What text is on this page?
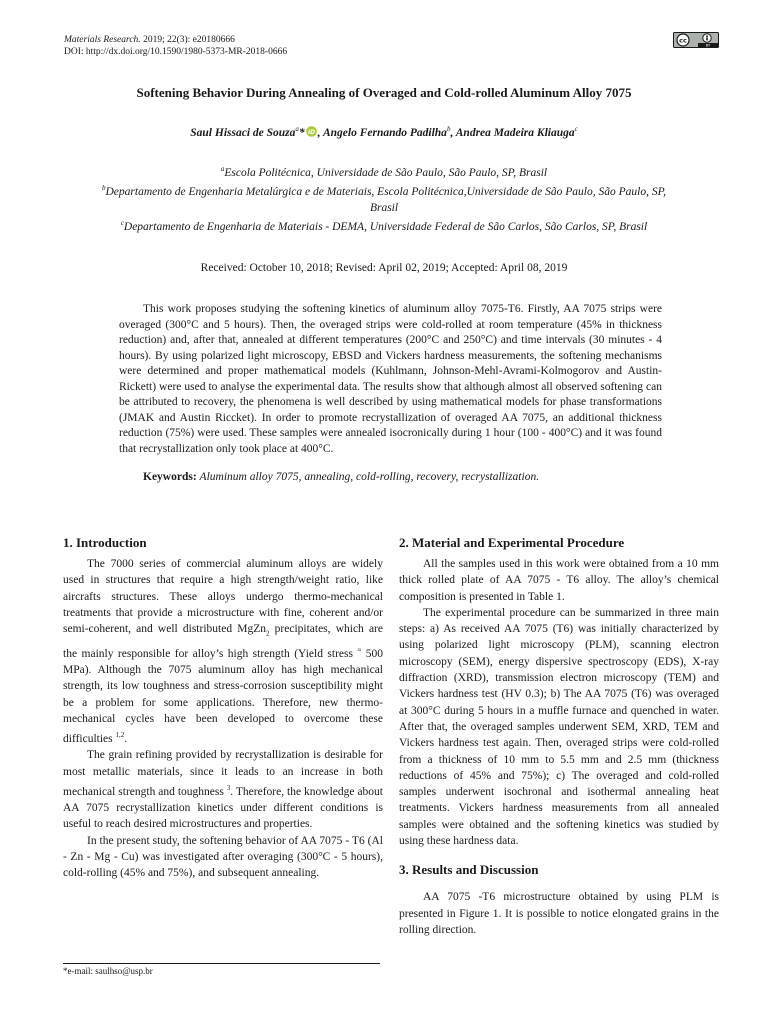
Materials Research. 2019; 22(3): e20180666
DOI: http://dx.doi.org/10.1590/1980-5373-MR-2018-0666
cc
BY
Softening Behavior During Annealing of Overaged and Cold-rolled Aluminum Alloy 7075
Saul Hissaci de Souza$^a$* iD , Angelo Fernando Padilha$^b$, Andrea Madeira Kliauga$^c$
$^a$Escola Politécnica, Universidade de São Paulo, São Paulo, SP, Brasil
$^b$Departamento de Engenharia Metalúrgica e de Materiais, Escola Politécnica,Universidade de São Paulo, São Paulo, SP, Brasil
$^c$Departamento de Engenharia de Materiais - DEMA, Universidade Federal de São Carlos, São Carlos, SP, Brasil
Received: October 10, 2018; Revised: April 02, 2019; Accepted: April 08, 2019

This work proposes studying the softening kinetics of aluminum alloy 7075-T6. Firstly, AA 7075 strips were overaged (300°C and 5 hours). Then, the overaged strips were cold-rolled at room temperature (45% in thickness reduction) and, after that, annealed at different temperatures (200°C and 250°C) and time intervals (30 minutes - 4 hours). By using polarized light microscopy, EBSD and Vickers hardness measurements, the softening mechanisms were determined and proper mathematical models (Kuhlmann, Johnson-Mehl-Avrami-Kolmogorov and Austin-Rickett) were used to analyse the experimental data. The results show that although almost all observed softening can be attributed to recovery, the phenomena is well described by using mathematical models for phase transformations (JMAK and Austin Riccket). In order to promote recrystallization of overaged AA 7075, an additional thickness reduction (75%) were used. These samples were annealed isocronically during 1 hour (100 - 400°C) and it was found that recrystallization only took place at 400°C.

Keywords: Aluminum alloy 7075, annealing, cold-rolling, recovery, recrystallization.
1. Introduction

The 7000 series of commercial aluminum alloys are widely used in structures that require a high strength/weight ratio, like aircrafts structures. These alloys undergo thermo-mechanical treatments that provide a microstructure with fine, coherent and/or semi-coherent, and well distributed MgZn$_2$ precipitates, which are the mainly responsible for alloy’s high strength (Yield stress ≈ 500 MPa). Although the 7075 aluminum alloy has high mechanical strength, its low toughness and stress-corrosion susceptibility might be a problem for some applications. Therefore, new thermo-mechanical cycles have been developed to overcome these difficulties $^{1,2}$.

The grain refining provided by recrystallization is desirable for most metallic materials, since it leads to an increase in both mechanical strength and toughness $^3$. Therefore, the knowledge about AA 7075 recrystallization kinetics under different conditions is useful to reach desired microstructures and properties.

In the present study, the softening behavior of AA 7075 - T6 (Al - Zn - Mg - Cu) was investigated after overaging (300°C - 5 hours), cold-rolling (45% and 75%), and subsequent annealing.

2. Material and Experimental Procedure

All the samples used in this work were obtained from a 10 mm thick rolled plate of AA 7075 - T6 alloy. The alloy’s chemical composition is presented in Table 1.

The experimental procedure can be summarized in three main steps: a) As received AA 7075 (T6) was initially characterized by using polarized light microscopy (PLM), scanning electron microscopy (SEM), energy dispersive spectroscopy (EDS), X-ray diffraction (XRD), transmission electron microscopy (TEM) and Vickers hardness test (HV 0.3); b) The AA 7075 (T6) was overaged at 300°C during 5 hours in a muffle furnace and quenched in water. After that, the overaged samples underwent SEM, XRD, TEM and Vickers hardness test again. Then, overaged strips were cold-rolled from a thickness of 10 mm to 5.5 mm and 2.5 mm (thickness reductions of 45% and 75%); c) The overaged and cold-rolled samples underwent isochronal and isothermal annealing heat treatments. Vickers hardness measurements from all annealed samples were obtained and the softening kinetics was studied by using these hardness data.

3. Results and Discussion

AA 7075 -T6 microstructure obtained by using PLM is presented in Figure 1. It is possible to notice elongated grains in the rolling direction.

*e-mail: saulhso@usp.br
